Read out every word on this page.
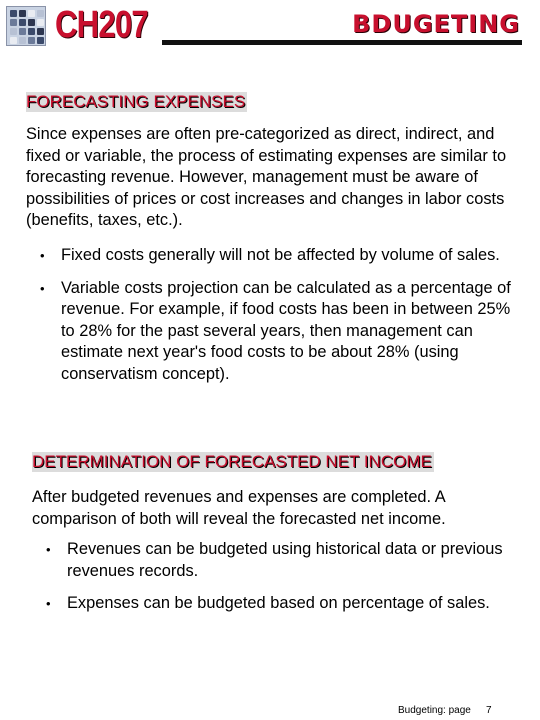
CH207	BDUGETING
FORECASTING EXPENSES
Since expenses are often pre-categorized as direct, indirect, and fixed or variable, the process of estimating expenses are similar to forecasting revenue. However, management must be aware of possibilities of prices or cost increases and changes in labor costs (benefits, taxes, etc.).
• Fixed costs generally will not be affected by volume of sales.
• Variable costs projection can be calculated as a percentage of revenue. For example, if food costs has been in between 25% to 28% for the past several years, then management can estimate next year's food costs to be about 28% (using conservatism concept).
DETERMINATION OF FORECASTED NET INCOME
After budgeted revenues and expenses are completed. A comparison of both will reveal the forecasted net income.
• Revenues can be budgeted using historical data or previous revenues records.
• Expenses can be budgeted based on percentage of sales.
Budgeting: page 7
